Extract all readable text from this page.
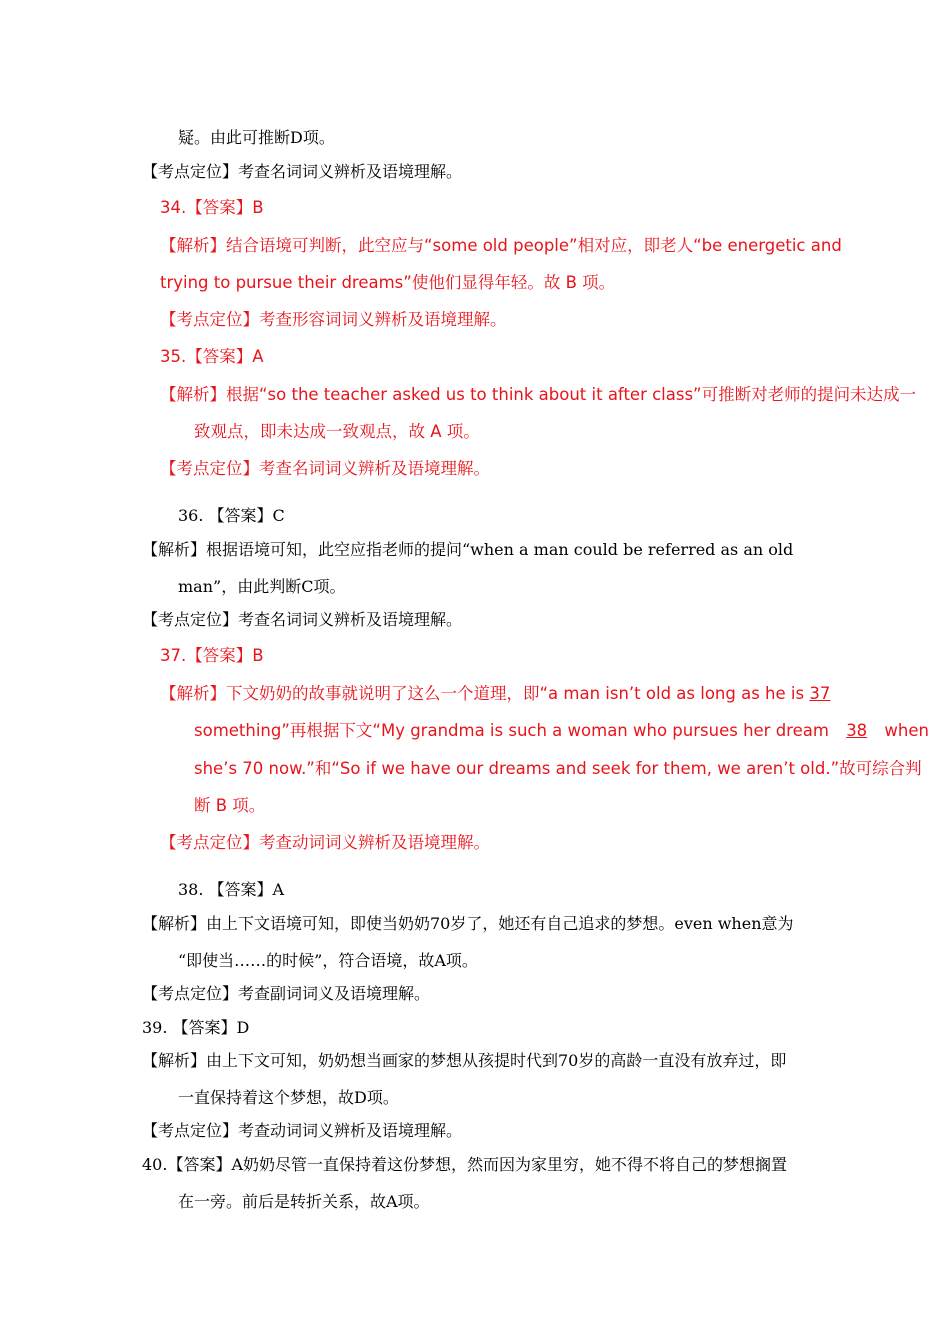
疑。由此可推断D项。
【考点定位】考查名词词义辨析及语境理解。
34.【答案】B
【解析】结合语境可判断，此空应与“some old people”相对应，即老人“be energetic and
trying to pursue their dreams”使他们显得年轻。故 B 项。
【考点定位】考查形容词词义辨析及语境理解。
35.【答案】A
【解析】根据“so the teacher asked us to think about it after class”可推断对老师的提问未达成一
致观点，即未达成一致观点，故 A 项。
【考点定位】考查名词词义辨析及语境理解。
36. 【答案】C
【解析】根据语境可知，此空应指老师的提问“when a man could be referred as an old
man”，由此判断C项。
【考点定位】考查名词词义辨析及语境理解。
37.【答案】B
【解析】下文奶奶的故事就说明了这么一个道理，即“a man isn’t old as long as he is 37
something”再根据下文“My grandma is such a woman who pursues her dream 38 when
she’s 70 now.”和“So if we have our dreams and seek for them, we aren’t old.”故可综合判
断 B 项。
【考点定位】考查动词词义辨析及语境理解。
38. 【答案】A
【解析】由上下文语境可知，即使当奶奶70岁了，她还有自己追求的梦想。even when意为
“即使当……的时候”，符合语境，故A项。
【考点定位】考查副词词义及语境理解。
39. 【答案】D
【解析】由上下文可知，奶奶想当画家的梦想从孩提时代到70岁的高龄一直没有放弃过，即
一直保持着这个梦想，故D项。
【考点定位】考查动词词义辨析及语境理解。
40.【答案】A奶奶尽管一直保持着这份梦想，然而因为家里穷，她不得不将自己的梦想搁置
在一旁。前后是转折关系，故A项。
